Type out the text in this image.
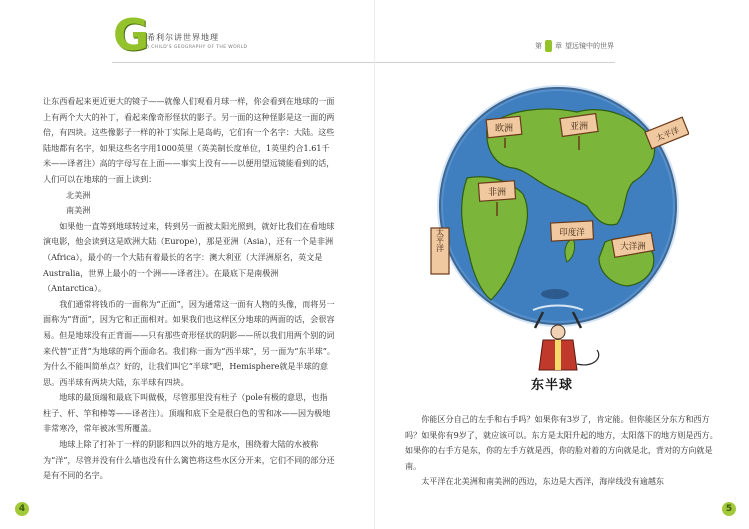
G
希利尔讲世界地理
A CHILD'S GEOGRAPHY OF THE WORLD

让东西看起来更近更大的镜子——就像人们观看月球一样，你会看到在地球的一面上有两个大大的补丁，看起来像奇形怪状的影子。另一面的这种怪影是这一面的两倍，有四块。这些像影子一样的补丁实际上是岛屿，它们有一个名字：大陆。这些陆地都有名字，如果这些名字用1000英里（英美制长度单位，1英里约合1.61千米——译者注）高的字母写在上面——事实上没有——以便用望远镜能看到的话，人们可以在地球的一面上读到：

北美洲

南美洲

如果他一直等到地球转过来，转到另一面被太阳光照到，就好比我们在看地球演电影，他会读到这是欧洲大陆（Europe），那是亚洲（Asia），还有一个是非洲（Africa），最小的一个大陆有着最长的名字：澳大利亚（大洋洲原名，英文是Australia，世界上最小的一个洲——译者注）。在最底下是南极洲（Antarctica）。

我们通常将钱币的一面称为“正面”，因为通常这一面有人物的头像，而将另一面称为“背面”，因为它和正面相对。如果我们也这样区分地球的两面的话，会很容易。但是地球没有正背面——只有那些奇形怪状的阴影——所以我们用两个别的词来代替“正背”为地球的两个面命名。我们称一面为“西半球”，另一面为“东半球”。为什么不能叫简单点？好的，让我们叫它“半球”吧，Hemisphere就是半球的意思。西半球有两块大陆，东半球有四块。

地球的最顶端和最底下叫做极，尽管那里没有柱子（pole有极的意思，也指柱子、杆、竿和棒等——译者注）。顶端和底下全是很白色的雪和冰——因为极地非常寒冷，常年被冰雪所覆盖。

地球上除了打补丁一样的阴影和四以外的地方是水，围绕着大陆的水被称为“洋”，尽管并没有什么墙也没有什么篱笆将这些水区分开来，它们不同的部分还是有不同的名字。

4
第 章 望远镜中的世界
欧洲	亚洲
非洲
印度洋
大洋洲
太平洋
太平洋
东半球

你能区分自己的左手和右手吗？如果你有3岁了，肯定能。但你能区分东方和西方吗？如果你有9岁了，就应该可以。东方是太阳升起的地方，太阳落下的地方则是西方。如果你的右手方是东，你的左手方就是西，你的脸对着的方向就是北，背对的方向就是南。

太平洋在北美洲和南美洲的西边，东边是大西洋，海岸线没有逾越东

5
